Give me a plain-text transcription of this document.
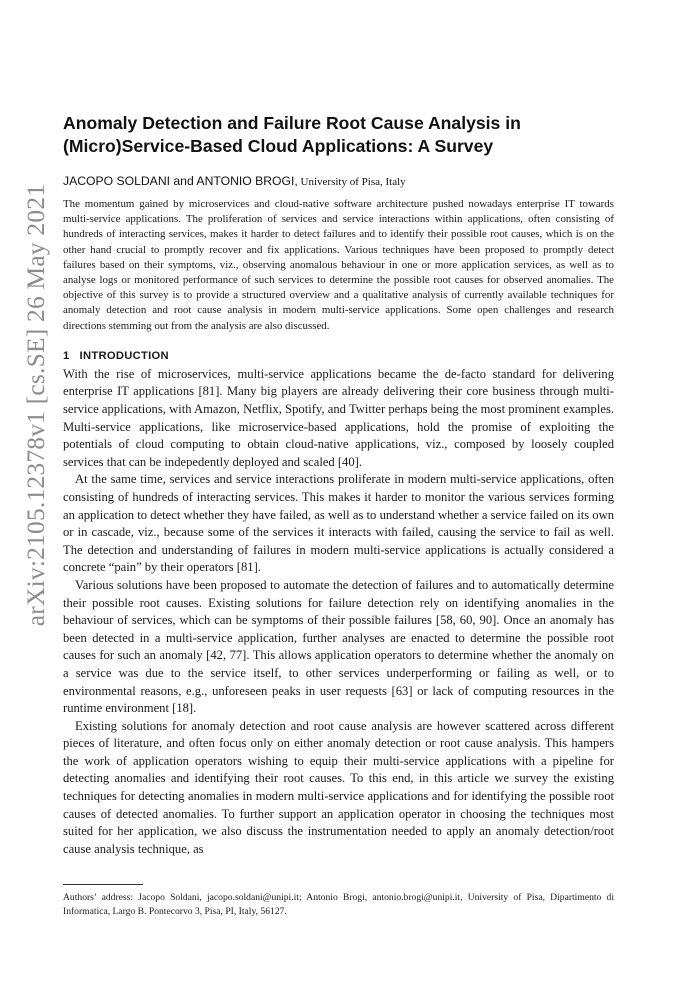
arXiv:2105.12378v1 [cs.SE] 26 May 2021
Anomaly Detection and Failure Root Cause Analysis in (Micro)Service-Based Cloud Applications: A Survey

JACOPO SOLDANI and ANTONIO BROGI, University of Pisa, Italy

The momentum gained by microservices and cloud-native software architecture pushed nowadays enterprise IT towards multi-service applications. The proliferation of services and service interactions within applications, often consisting of hundreds of interacting services, makes it harder to detect failures and to identify their possible root causes, which is on the other hand crucial to promptly recover and fix applications. Various techniques have been proposed to promptly detect failures based on their symptoms, viz., observing anomalous behaviour in one or more application services, as well as to analyse logs or monitored performance of such services to determine the possible root causes for observed anomalies. The objective of this survey is to provide a structured overview and a qualitative analysis of currently available techniques for anomaly detection and root cause analysis in modern multi-service applications. Some open challenges and research directions stemming out from the analysis are also discussed.

1 INTRODUCTION

With the rise of microservices, multi-service applications became the de-facto standard for delivering enterprise IT applications [81]. Many big players are already delivering their core business through multi-service applications, with Amazon, Netflix, Spotify, and Twitter perhaps being the most prominent examples. Multi-service applications, like microservice-based applications, hold the promise of exploiting the potentials of cloud computing to obtain cloud-native applications, viz., composed by loosely coupled services that can be indepedently deployed and scaled [40].

At the same time, services and service interactions proliferate in modern multi-service applications, often consisting of hundreds of interacting services. This makes it harder to monitor the various services forming an application to detect whether they have failed, as well as to understand whether a service failed on its own or in cascade, viz., because some of the services it interacts with failed, causing the service to fail as well. The detection and understanding of failures in modern multi-service applications is actually considered a concrete “pain” by their operators [81].

Various solutions have been proposed to automate the detection of failures and to automatically determine their possible root causes. Existing solutions for failure detection rely on identifying anomalies in the behaviour of services, which can be symptoms of their possible failures [58, 60, 90]. Once an anomaly has been detected in a multi-service application, further analyses are enacted to determine the possible root causes for such an anomaly [42, 77]. This allows application operators to determine whether the anomaly on a service was due to the service itself, to other services underperforming or failing as well, or to environmental reasons, e.g., unforeseen peaks in user requests [63] or lack of computing resources in the runtime environment [18].

Existing solutions for anomaly detection and root cause analysis are however scattered across different pieces of literature, and often focus only on either anomaly detection or root cause analysis. This hampers the work of application operators wishing to equip their multi-service applications with a pipeline for detecting anomalies and identifying their root causes. To this end, in this article we survey the existing techniques for detecting anomalies in modern multi-service applications and for identifying the possible root causes of detected anomalies. To further support an application operator in choosing the techniques most suited for her application, we also discuss the instrumentation needed to apply an anomaly detection/root cause analysis technique, as

Authors’ address: Jacopo Soldani, jacopo.soldani@unipi.it; Antonio Brogi, antonio.brogi@unipi.it, University of Pisa, Dipartimento di Informatica, Largo B. Pontecorvo 3, Pisa, PI, Italy, 56127.
